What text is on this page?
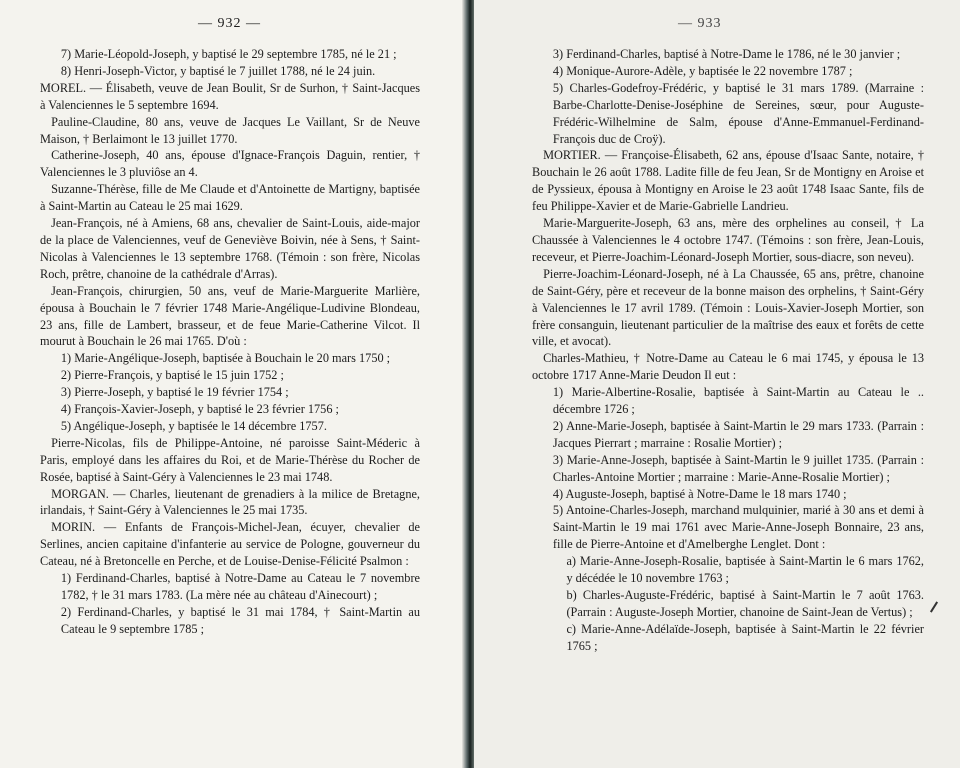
— 932 —

7) Marie-Léopold-Joseph, y baptisé le 29 septembre 1785, né le 21 ;

8) Henri-Joseph-Victor, y baptisé le 7 juillet 1788, né le 24 juin.

MOREL. — Élisabeth, veuve de Jean Boulit, Sr de Surhon, † Saint-Jacques à Valenciennes le 5 septembre 1694.

Pauline-Claudine, 80 ans, veuve de Jacques Le Vaillant, Sr de Neuve Maison, † Berlaimont le 13 juillet 1770.

Catherine-Joseph, 40 ans, épouse d'Ignace-François Daguin, rentier, † Valenciennes le 3 pluviôse an 4.

Suzanne-Thérèse, fille de Me Claude et d'Antoinette de Martigny, baptisée à Saint-Martin au Cateau le 25 mai 1629.

Jean-François, né à Amiens, 68 ans, chevalier de Saint-Louis, aide-major de la place de Valenciennes, veuf de Geneviève Boivin, née à Sens, † Saint-Nicolas à Valenciennes le 13 septembre 1768. (Témoin : son frère, Nicolas Roch, prêtre, chanoine de la cathédrale d'Arras).

Jean-François, chirurgien, 50 ans, veuf de Marie-Marguerite Marlière, épousa à Bouchain le 7 février 1748 Marie-Angélique-Ludivine Blondeau, 23 ans, fille de Lambert, brasseur, et de feue Marie-Catherine Vilcot. Il mourut à Bouchain le 26 mai 1765. D'où :

1) Marie-Angélique-Joseph, baptisée à Bouchain le 20 mars 1750 ;

2) Pierre-François, y baptisé le 15 juin 1752 ;

3) Pierre-Joseph, y baptisé le 19 février 1754 ;

4) François-Xavier-Joseph, y baptisé le 23 février 1756 ;

5) Angélique-Joseph, y baptisée le 14 décembre 1757.

Pierre-Nicolas, fils de Philippe-Antoine, né paroisse Saint-Méderic à Paris, employé dans les affaires du Roi, et de Marie-Thérèse du Rocher de Rosée, baptisé à Saint-Géry à Valenciennes le 23 mai 1748.

MORGAN. — Charles, lieutenant de grenadiers à la milice de Bretagne, irlandais, † Saint-Géry à Valenciennes le 25 mai 1735.

MORIN. — Enfants de François-Michel-Jean, écuyer, chevalier de Serlines, ancien capitaine d'infanterie au service de Pologne, gouverneur du Cateau, né à Bretoncelle en Perche, et de Louise-Denise-Félicité Psalmon :

1) Ferdinand-Charles, baptisé à Notre-Dame au Cateau le 7 novembre 1782, † le 31 mars 1783. (La mère née au château d'Ainecourt) ;

2) Ferdinand-Charles, y baptisé le 31 mai 1784, † Saint-Martin au Cateau le 9 septembre 1785 ;

— 933

3) Ferdinand-Charles, baptisé à Notre-Dame le 1786, né le 30 janvier ;

4) Monique-Aurore-Adèle, y baptisée le 22 novembre 1787 ;

5) Charles-Godefroy-Frédéric, y baptisé le 31 mars 1789. (Marraine : Barbe-Charlotte-Denise-Joséphine de Sereines, sœur, pour Auguste-Frédéric-Wilhelmine de Salm, épouse d'Anne-Emmanuel-Ferdinand-François duc de Croÿ).

MORTIER. — Françoise-Élisabeth, 62 ans, épouse d'Isaac Sante, notaire, † Bouchain le 26 août 1788. Ladite fille de feu Jean, Sr de Montigny en Aroise et de Pyssieux, épousa à Montigny en Aroise le 23 août 1748 Isaac Sante, fils de feu Philippe-Xavier et de Marie-Gabrielle Landrieu.

Marie-Marguerite-Joseph, 63 ans, mère des orphelines au conseil, † La Chaussée à Valenciennes le 4 octobre 1747. (Témoins : son frère, Jean-Louis, receveur, et Pierre-Joachim-Léonard-Joseph Mortier, sous-diacre, son neveu).

Pierre-Joachim-Léonard-Joseph, né à La Chaussée, 65 ans, prêtre, chanoine de Saint-Géry, père et receveur de la bonne maison des orphelins, † Saint-Géry à Valenciennes le 17 avril 1789. (Témoin : Louis-Xavier-Joseph Mortier, son frère consanguin, lieutenant particulier de la maîtrise des eaux et forêts de cette ville, et avocat).

Charles-Mathieu, † Notre-Dame au Cateau le 6 mai 1745, y épousa le 13 octobre 1717 Anne-Marie Deudon Il eut :

1) Marie-Albertine-Rosalie, baptisée à Saint-Martin au Cateau le .. décembre 1726 ;

2) Anne-Marie-Joseph, baptisée à Saint-Martin le 29 mars 1733. (Parrain : Jacques Pierrart ; marraine : Rosalie Mortier) ;

3) Marie-Anne-Joseph, baptisée à Saint-Martin le 9 juillet 1735. (Parrain : Charles-Antoine Mortier ; marraine : Marie-Anne-Rosalie Mortier) ;

4) Auguste-Joseph, baptisé à Notre-Dame le 18 mars 1740 ;

5) Antoine-Charles-Joseph, marchand mulquinier, marié à 30 ans et demi à Saint-Martin le 19 mai 1761 avec Marie-Anne-Joseph Bonnaire, 23 ans, fille de Pierre-Antoine et d'Amelberghe Lenglet. Dont :

a) Marie-Anne-Joseph-Rosalie, baptisée à Saint-Martin le 6 mars 1762, y décédée le 10 novembre 1763 ;

b) Charles-Auguste-Frédéric, baptisé à Saint-Martin le 7 août 1763. (Parrain : Auguste-Joseph Mortier, chanoine de Saint-Jean de Vertus) ;

c) Marie-Anne-Adélaïde-Joseph, baptisée à Saint-Martin le 22 février 1765 ;
